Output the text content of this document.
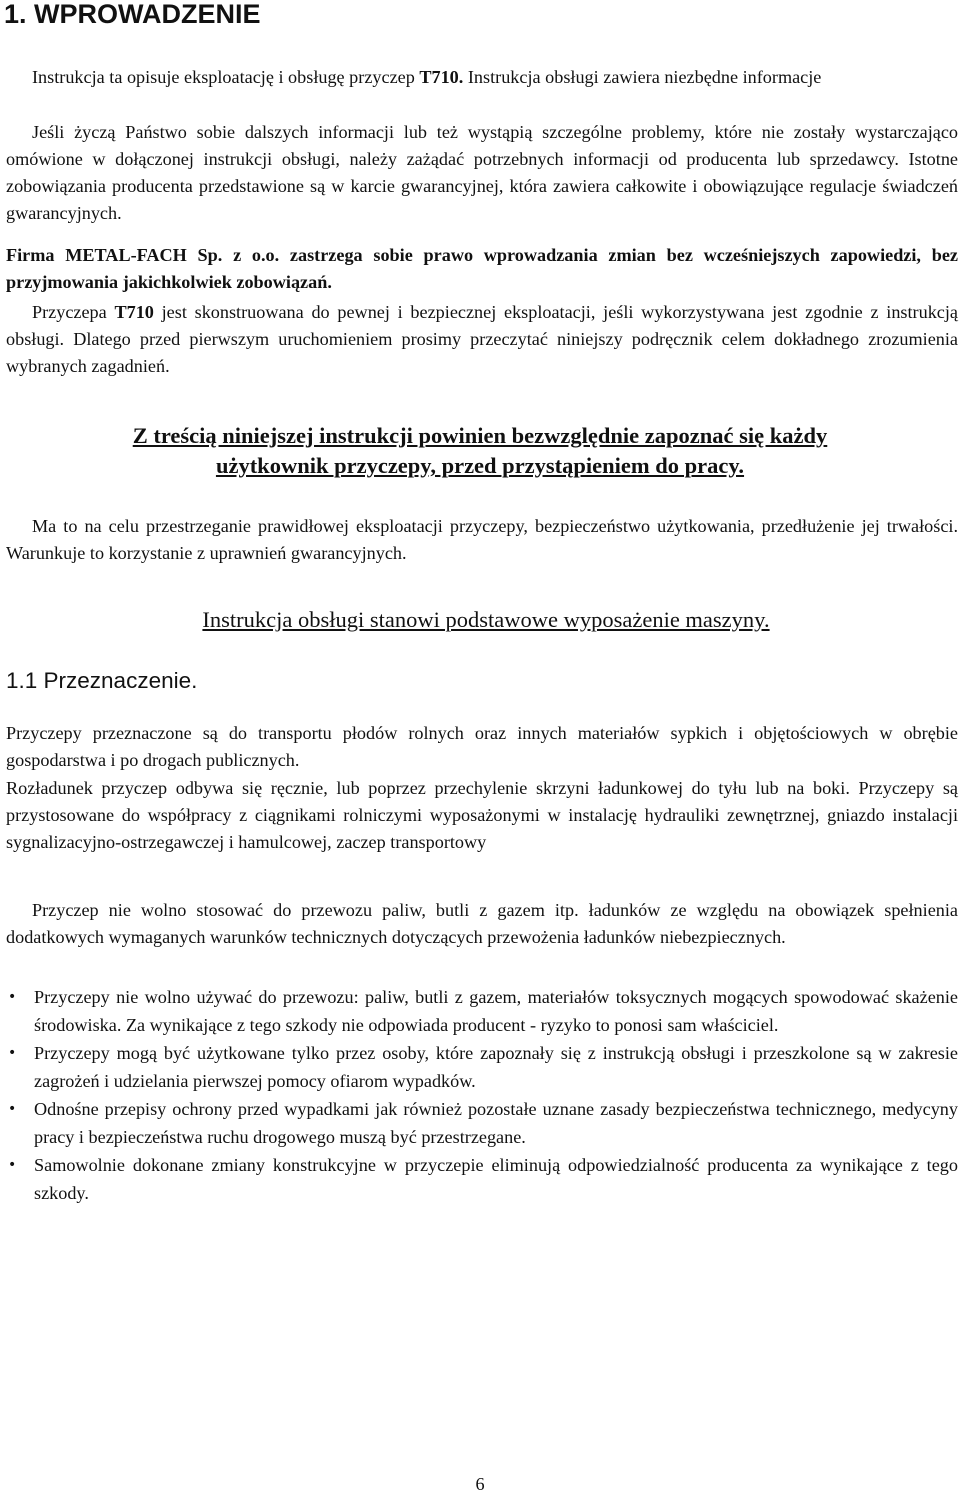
1. WPROWADZENIE

Instrukcja ta opisuje eksploatację i obsługę przyczep T710. Instrukcja obsługi zawiera niezbędne informacje

Jeśli życzą Państwo sobie dalszych informacji lub też wystąpią szczególne problemy, które nie zostały wystarczająco omówione w dołączonej instrukcji obsługi, należy zażądać potrzebnych informacji od producenta lub sprzedawcy. Istotne zobowiązania producenta przedstawione są w karcie gwarancyjnej, która zawiera całkowite i obowiązujące regulacje świadczeń gwarancyjnych.

Firma METAL-FACH Sp. z o.o. zastrzega sobie prawo wprowadzania zmian bez wcześniejszych zapowiedzi, bez przyjmowania jakichkolwiek zobowiązań.

Przyczepa T710 jest skonstruowana do pewnej i bezpiecznej eksploatacji, jeśli wykorzystywana jest zgodnie z instrukcją obsługi. Dlatego przed pierwszym uruchomieniem prosimy przeczytać niniejszy podręcznik celem dokładnego zrozumienia wybranych zagadnień.

Z treścią niniejszej instrukcji powinien bezwzględnie zapoznać się każdy
użytkownik przyczepy, przed przystąpieniem do pracy.

Ma to na celu przestrzeganie prawidłowej eksploatacji przyczepy, bezpieczeństwo użytkowania, przedłużenie jej trwałości. Warunkuje to korzystanie z uprawnień gwarancyjnych.

Instrukcja obsługi stanowi podstawowe wyposażenie maszyny.
1.1 Przeznaczenie.

Przyczepy przeznaczone są do transportu płodów rolnych oraz innych materiałów sypkich i objętościowych w obrębie gospodarstwa i po drogach publicznych.

Rozładunek przyczep odbywa się ręcznie, lub poprzez przechylenie skrzyni ładunkowej do tyłu lub na boki. Przyczepy są przystosowane do współpracy z ciągnikami rolniczymi wyposażonymi w instalację hydrauliki zewnętrznej, gniazdo instalacji sygnalizacyjno-ostrzegawczej i hamulcowej, zaczep transportowy

Przyczep nie wolno stosować do przewozu paliw, butli z gazem itp. ładunków ze względu na obowiązek spełnienia dodatkowych wymaganych warunków technicznych dotyczących przewożenia ładunków niebezpiecznych.

• Przyczepy nie wolno używać do przewozu: paliw, butli z gazem, materiałów toksycznych mogących spowodować skażenie środowiska. Za wynikające z tego szkody nie odpowiada producent - ryzyko to ponosi sam właściciel.
• Przyczepy mogą być użytkowane tylko przez osoby, które zapoznały się z instrukcją obsługi i przeszkolone są w zakresie zagrożeń i udzielania pierwszej pomocy ofiarom wypadków.
• Odnośne przepisy ochrony przed wypadkami jak również pozostałe uznane zasady bezpieczeństwa technicznego, medycyny pracy i bezpieczeństwa ruchu drogowego muszą być przestrzegane.
• Samowolnie dokonane zmiany konstrukcyjne w przyczepie eliminują odpowiedzialność producenta za wynikające z tego szkody.
6
